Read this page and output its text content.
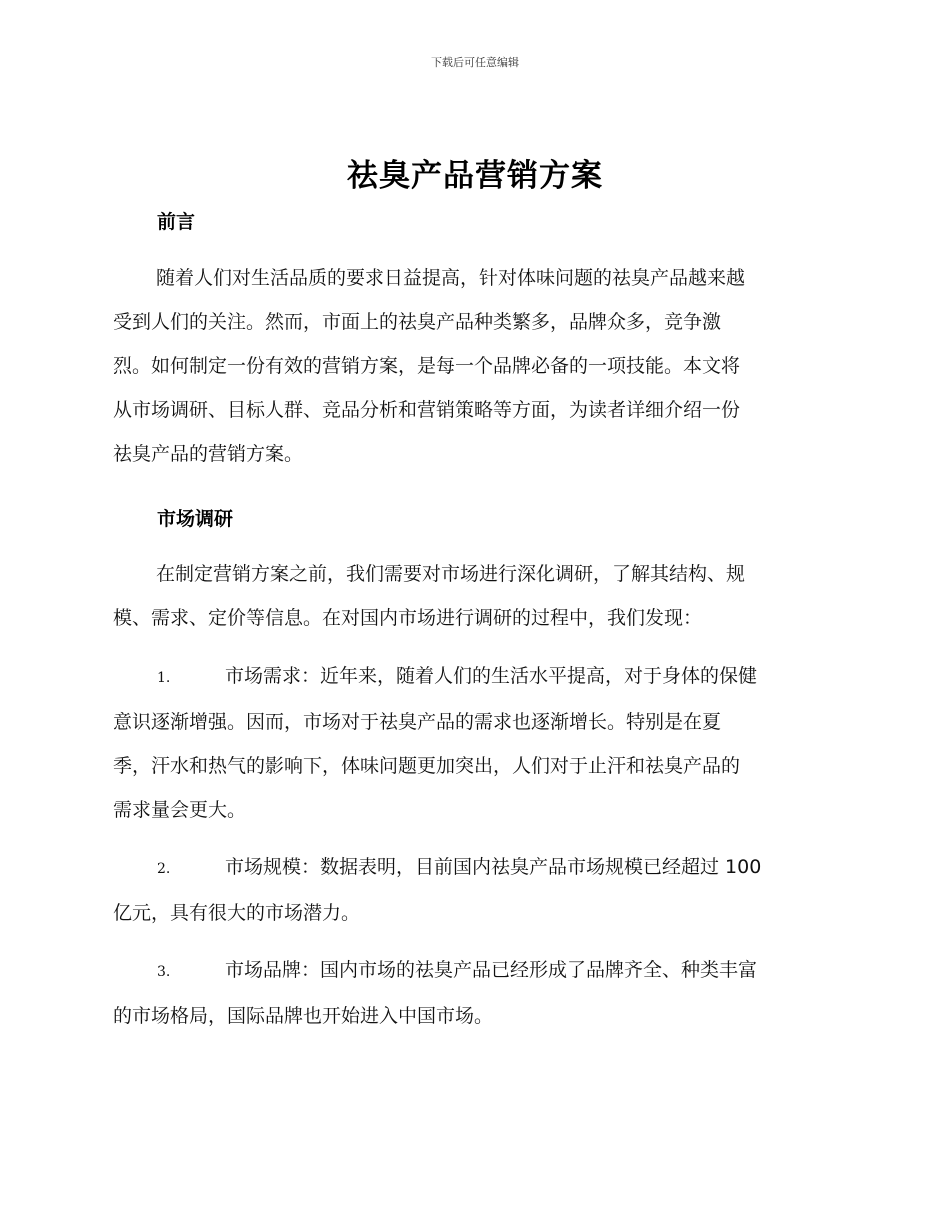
下载后可任意编辑
祛臭产品营销方案
前言
随着人们对生活品质的要求日益提高，针对体味问题的祛臭产品越来越
受到人们的关注。然而，市面上的祛臭产品种类繁多，品牌众多，竞争激
烈。如何制定一份有效的营销方案，是每一个品牌必备的一项技能。本文将
从市场调研、目标人群、竞品分析和营销策略等方面，为读者详细介绍一份
祛臭产品的营销方案。
市场调研
在制定营销方案之前，我们需要对市场进行深化调研，了解其结构、规
模、需求、定价等信息。在对国内市场进行调研的过程中，我们发现：
1.	市场需求：近年来，随着人们的生活水平提高，对于身体的保健
意识逐渐增强。因而，市场对于祛臭产品的需求也逐渐增长。特别是在夏
季，汗水和热气的影响下，体味问题更加突出，人们对于止汗和祛臭产品的
需求量会更大。
2.	市场规模：数据表明，目前国内祛臭产品市场规模已经超过 100
亿元，具有很大的市场潜力。
3.	市场品牌：国内市场的祛臭产品已经形成了品牌齐全、种类丰富
的市场格局，国际品牌也开始进入中国市场。
